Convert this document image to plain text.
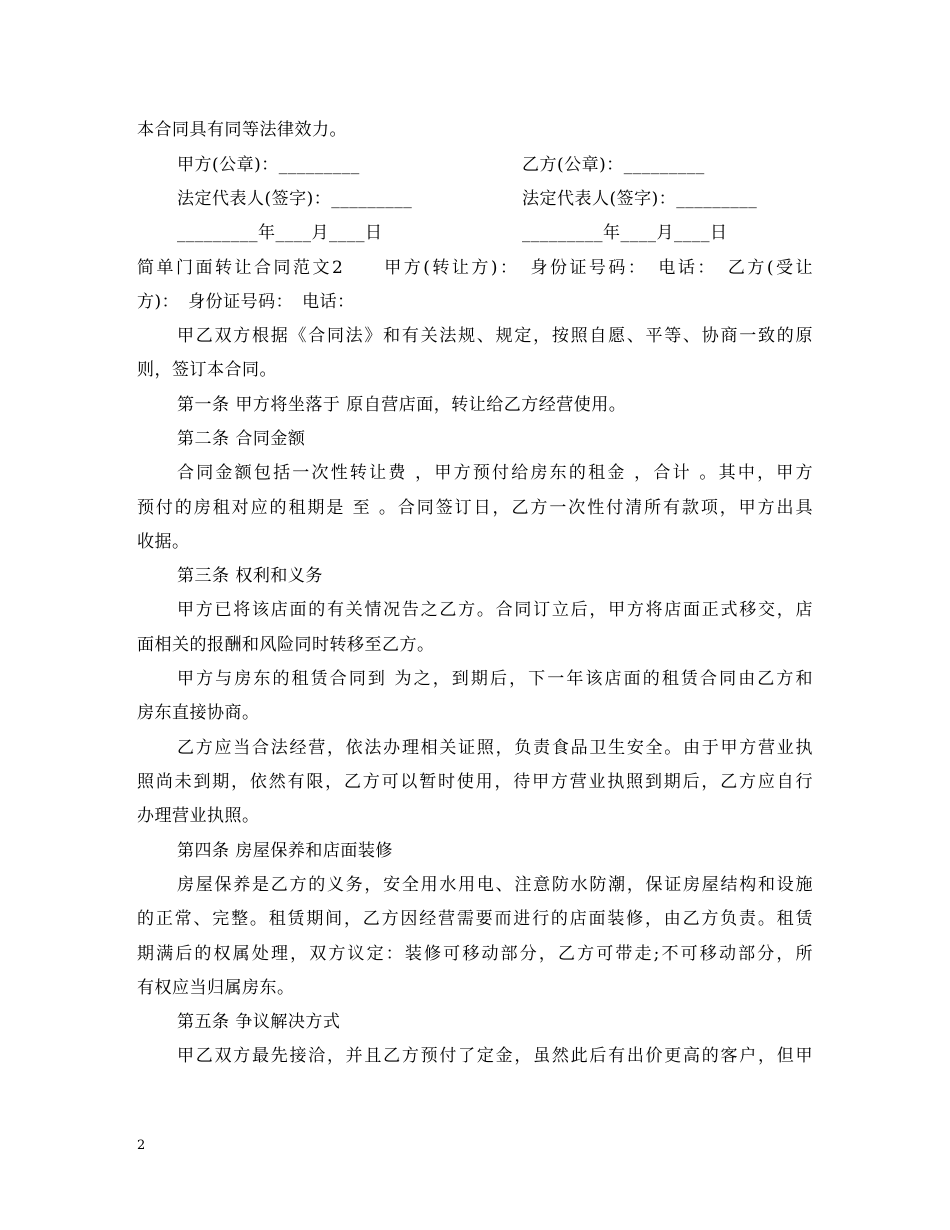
本合同具有同等法律效力。
甲方(公章)：_________	乙方(公章)：_________
法定代表人(签字)：_________	法定代表人(签字)：_________
_________年____月____日	_________年____月____日
简单门面转让合同范文2　　甲方(转让方)：　身份证号码：　电话：　乙方(受让
方)：　身份证号码：　电话：
甲乙双方根据《合同法》和有关法规、规定，按照自愿、平等、协商一致的原
则，签订本合同。
第一条 甲方将坐落于 原自营店面，转让给乙方经营使用。
第二条 合同金额
合同金额包括一次性转让费 ，甲方预付给房东的租金 ，合计 。其中，甲方
预付的房租对应的租期是 至 。合同签订日，乙方一次性付清所有款项，甲方出具
收据。
第三条 权利和义务
甲方已将该店面的有关情况告之乙方。合同订立后，甲方将店面正式移交，店
面相关的报酬和风险同时转移至乙方。
甲方与房东的租赁合同到 为之，到期后，下一年该店面的租赁合同由乙方和
房东直接协商。
乙方应当合法经营，依法办理相关证照，负责食品卫生安全。由于甲方营业执
照尚未到期，依然有限，乙方可以暂时使用，待甲方营业执照到期后，乙方应自行
办理营业执照。
第四条 房屋保养和店面装修
房屋保养是乙方的义务，安全用水用电、注意防水防潮，保证房屋结构和设施
的正常、完整。租赁期间，乙方因经营需要而进行的店面装修，由乙方负责。租赁
期满后的权属处理，双方议定：装修可移动部分，乙方可带走;不可移动部分，所
有权应当归属房东。
第五条 争议解决方式
甲乙双方最先接洽，并且乙方预付了定金，虽然此后有出价更高的客户，但甲
2
